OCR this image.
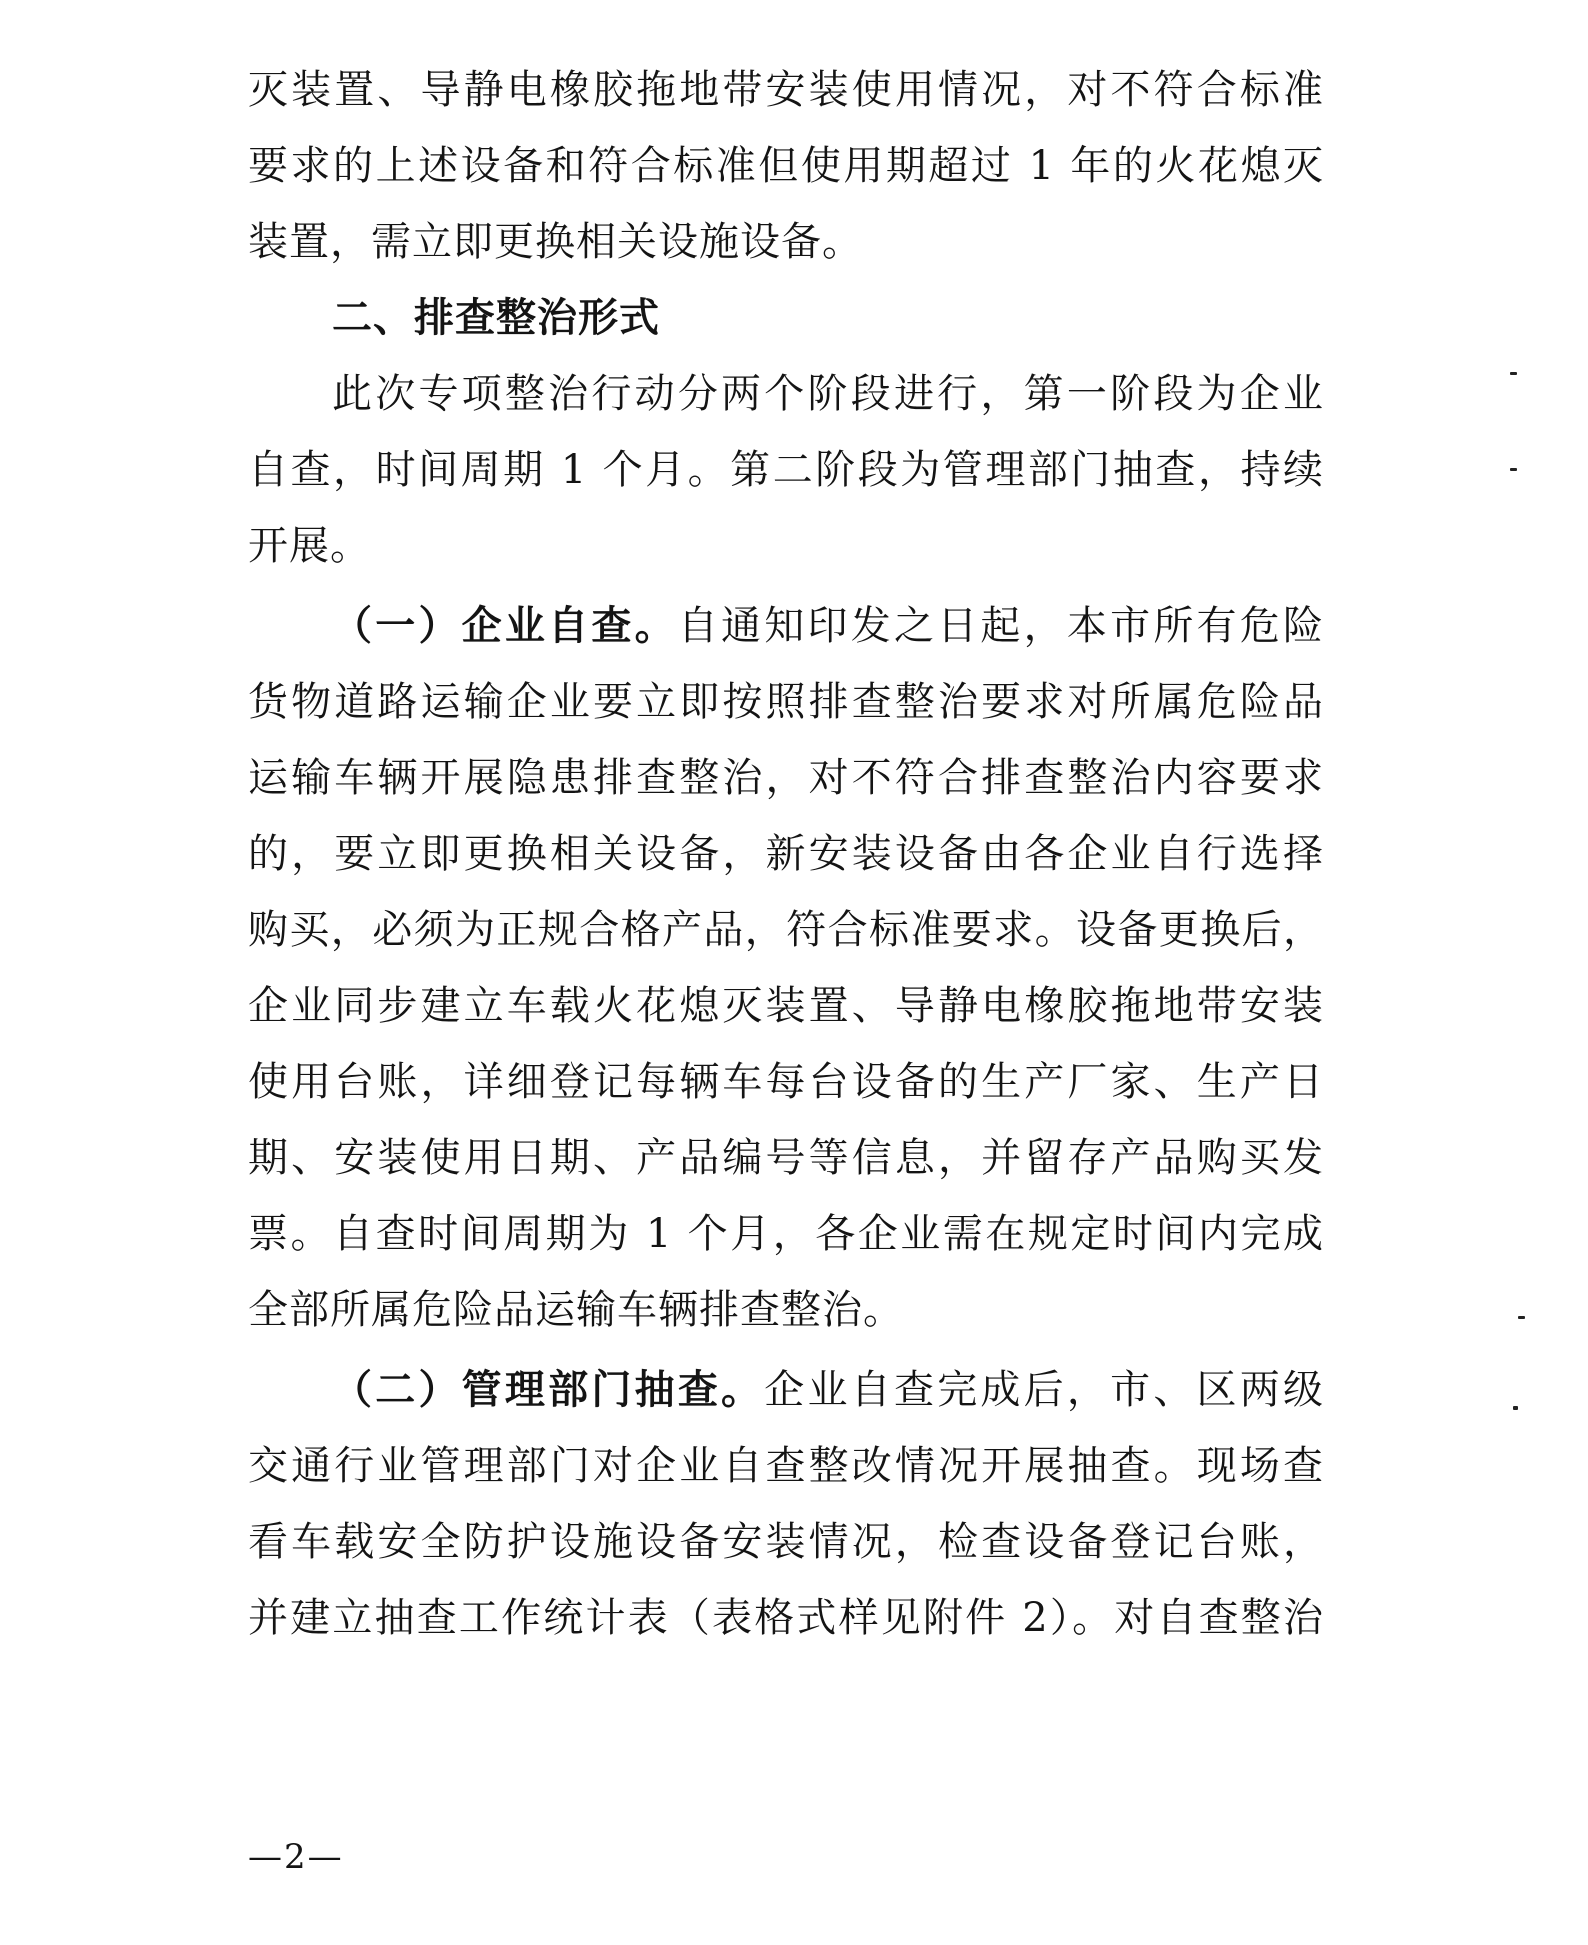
灭装置、导静电橡胶拖地带安装使用情况，对不符合标准
要求的上述设备和符合标准但使用期超过 1 年的火花熄灭
装置，需立即更换相关设施设备。
二、排查整治形式
此次专项整治行动分两个阶段进行，第一阶段为企业
自查，时间周期 1 个月。第二阶段为管理部门抽查，持续
开展。
（一）企业自查。自通知印发之日起，本市所有危险
货物道路运输企业要立即按照排查整治要求对所属危险品
运输车辆开展隐患排查整治，对不符合排查整治内容要求
的，要立即更换相关设备，新安装设备由各企业自行选择
购买，必须为正规合格产品，符合标准要求。设备更换后，
企业同步建立车载火花熄灭装置、导静电橡胶拖地带安装
使用台账，详细登记每辆车每台设备的生产厂家、生产日
期、安装使用日期、产品编号等信息，并留存产品购买发
票。自查时间周期为 1 个月，各企业需在规定时间内完成
全部所属危险品运输车辆排查整治。
（二）管理部门抽查。企业自查完成后，市、区两级
交通行业管理部门对企业自查整改情况开展抽查。现场查
看车载安全防护设施设备安装情况，检查设备登记台账，
并建立抽查工作统计表（表格式样见附件 2）。对自查整治
—2—
